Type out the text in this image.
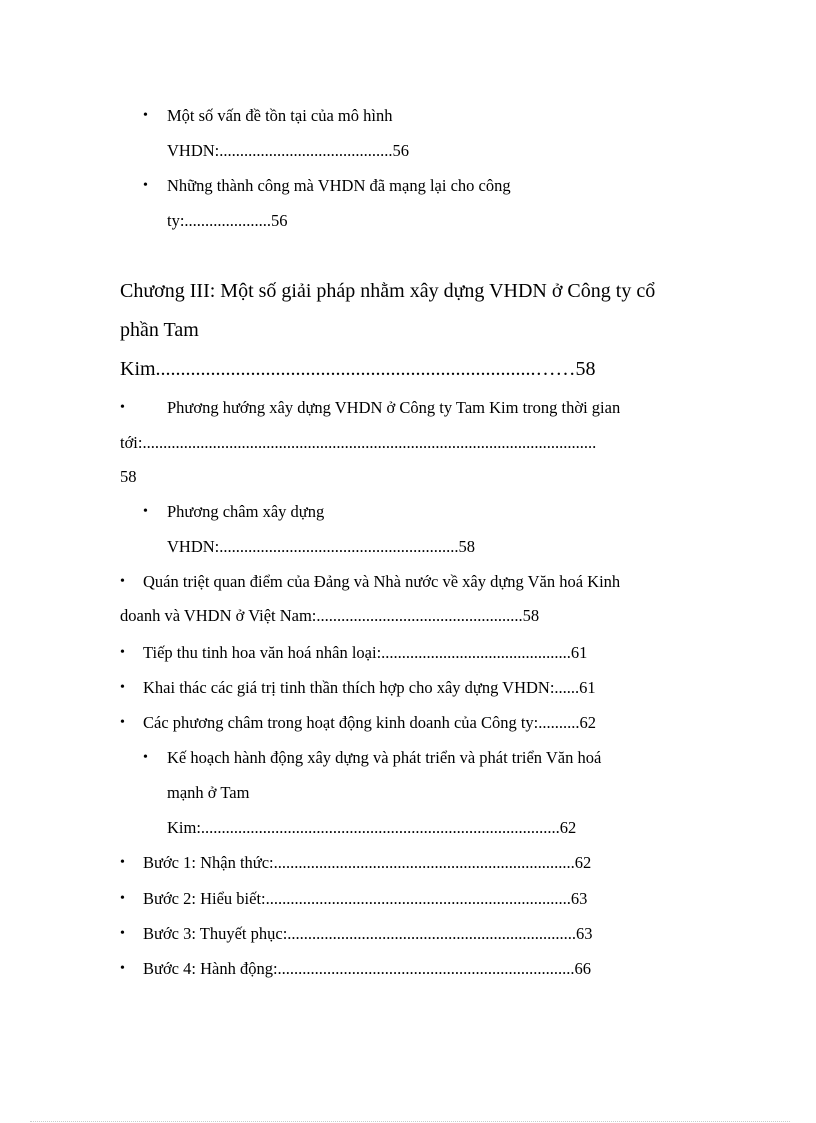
• Một số vấn đề tồn tại của mô hình
VHDN:..........................................56
• Những thành công mà VHDN đã mạng lại cho công
ty:.....................56
Chương III: Một số giải pháp nhằm xây dựng VHDN ở Công ty cổ
phần Tam
Kim............................................................................……58
•	Phương hướng xây dựng VHDN ở Công ty Tam Kim trong thời gian
tới:..............................................................................................................
58
• Phương châm xây dựng
VHDN:..........................................................58
• Quán triệt quan điểm của Đảng và Nhà nước về xây dựng Văn hoá Kinh
doanh và VHDN ở Việt Nam:..................................................58
• Tiếp thu tinh hoa văn hoá nhân loại:..............................................61
• Khai thác các giá trị tinh thần thích hợp cho xây dựng VHDN:......61
• Các phương châm trong hoạt động kinh doanh của Công ty:..........62
• Kế hoạch hành động xây dựng và phát triển và phát triển Văn hoá
mạnh ở Tam
Kim:.......................................................................................62
• Bước 1: Nhận thức:.........................................................................62
• Bước 2: Hiểu biết:..........................................................................63
• Bước 3: Thuyết phục:......................................................................63
• Bước 4: Hành động:........................................................................66
